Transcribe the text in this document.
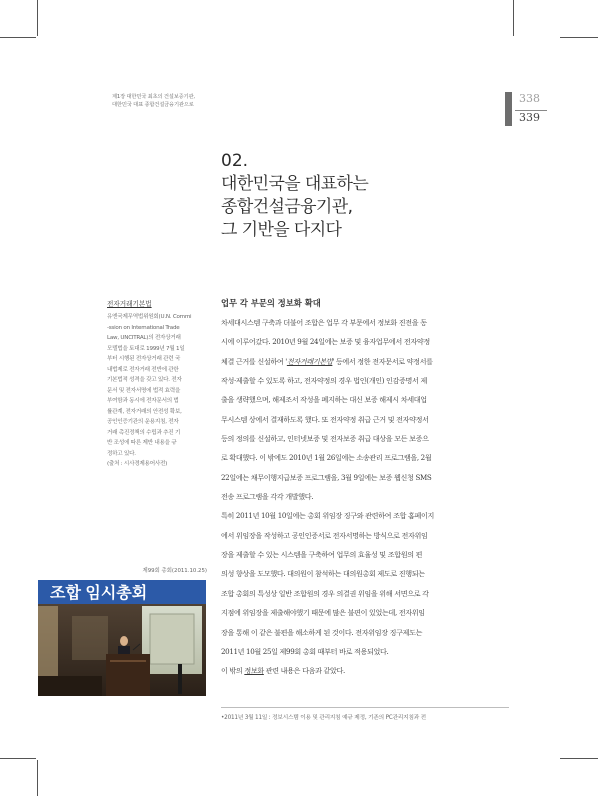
제1장 대한민국 최초의 건설보증기관,
대한민국 대표 종합건설금융기관으로	338
339
02.
대한민국을 대표하는
종합건설금융기관,
그 기반을 다지다
전자거래기본법
유엔국제무역법위원회(U.N. Commi
-ssion on International Trade
Law, UNCITRAL)의 전자상거래
모델법을 토대로 1999년 7월 1일
부터 시행된 전자상거래 관련 국
내법제로 전자거래 전반에 관한
기본법적 성격을 갖고 있다. 전자
문서 및 전자서명에 법적 효력을
부여함과 동시에 전자문서의 법
률관계, 전자거래의 안전성 확보,
공인인증기관의 운용지침, 전자
거래 촉진정책의 수립과 추진 기
반 조성에 따른 제반 내용을 규
정하고 있다.
(출처 : 시사경제용어사전)
제99회 총회(2011.10.25)
조합 임시총회
업무 각 부문의 정보화 확대
차세대시스템 구축과 더불어 조합은 업무 각 부문에서 정보화 진전을 동
시에 이루어갔다. 2010년 9월 24일에는 보증 및 융자업무에서 전자약정
체결 근거를 신설하여 '전자거래기본법' 등에서 정한 전자문서로 약정서를
작성·제출할 수 있도록 하고, 전자약정의 경우 법인(개인) 인감증명서 제
출을 생략했으며, 해제조서 작성을 폐지하는 대신 보증 해제시 차세대업
무시스템 상에서 결재하도록 했다. 또 전자약정 취급 근거 및 전자약정서
등의 정의를 신설하고, 인터넷보증 및 전자보증 취급 대상을 모든 보증으
로 확대했다. 이 밖에도 2010년 1월 26일에는 소송관리 프로그램을, 2월
22일에는 채무이행지급보증 프로그램을, 3월 9일에는 보증 웹신청 SMS
전송 프로그램을 각각 개발했다.
특히 2011년 10월 10일에는 총회 위임장 징구와 관련하여 조합 홈페이지
에서 위임장을 작성하고 공인인증서로 전자서명하는 방식으로 전자위임
장을 제출할 수 있는 시스템을 구축하여 업무의 효율성 및 조합원의 편
의성 향상을 도모했다. 대의원이 참석하는 대의원총회 제도로 진행되는
조합 총회의 특성상 일반 조합원의 경우 의결권 위임을 위해 서면으로 각
지점에 위임장을 제출해야했기 때문에 많은 불편이 있었는데, 전자위임
장을 통해 이 같은 불편을 해소하게 된 것이다. 전자위임장 징구제도는
2011년 10월 25일 제99회 총회 때부터 바로 적용되었다.
이 밖의 정보화 관련 내용은 다음과 같았다.
•2011년 3월 11일 : 정보시스템 이용 및 관리지침 예규 제정, 기존의 PC관리지침과 전
